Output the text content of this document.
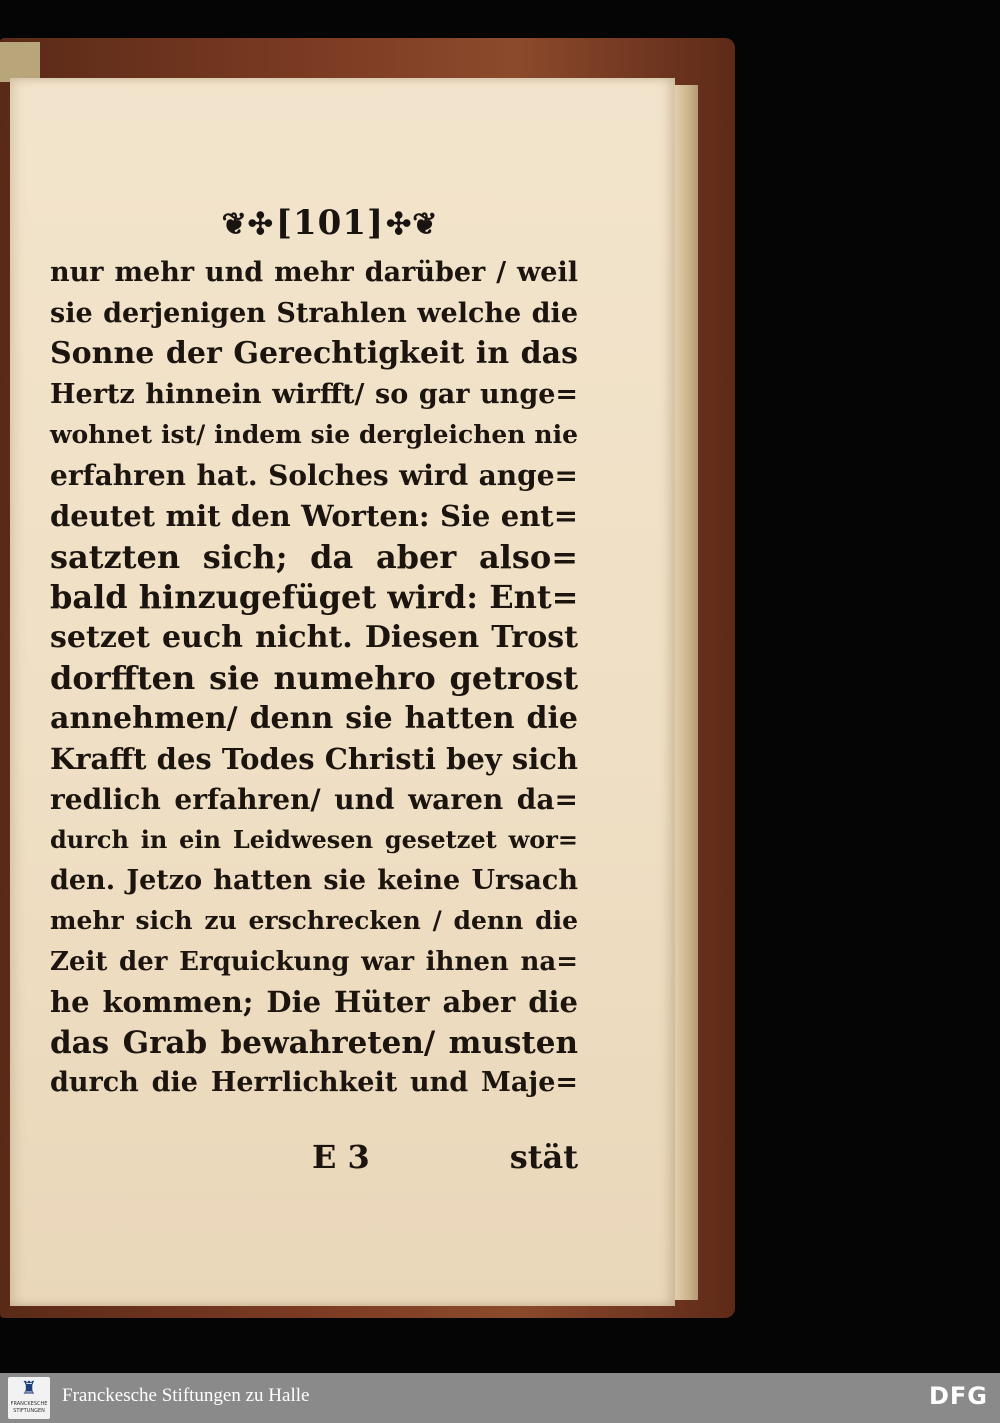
❦✣[101]✣❦
nur mehr und mehr darüber / weil
sie derjenigen Strahlen welche die
Sonne der Gerechtigkeit in das
Hertz hinnein wirfft/ so gar unge=
wohnet ist/ indem sie dergleichen nie
erfahren hat. Solches wird ange=
deutet mit den Worten: Sie ent=
satzten sich; da aber also=
bald hinzugefüget wird: Ent=
setzet euch nicht. Diesen Trost
dorfften sie numehro getrost
annehmen/ denn sie hatten die
Krafft des Todes Christi bey sich
redlich erfahren/ und waren da=
durch in ein Leidwesen gesetzet wor=
den. Jetzo hatten sie keine Ursach
mehr sich zu erschrecken / denn die
Zeit der Erquickung war ihnen na=
he kommen; Die Hüter aber die
das Grab bewahreten/ musten
durch die Herrlichkeit und Maje=
E 3	stät
♜
FRANCKESCHE STIFTUNGEN
Franckesche Stiftungen zu Halle	DFG
